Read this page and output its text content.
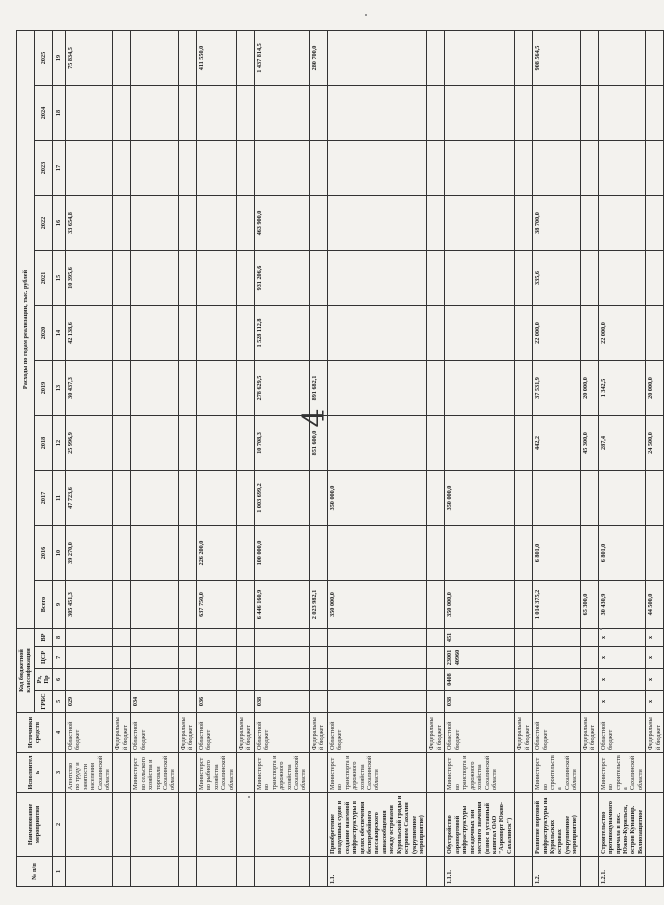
4
№ п/п	Наименование мероприятия	Исполнитель	Источники средств	Код бюджетной классификации				Расходы по годам реализации, тыс. рублей										
				ГРБС	Рз, Пр	ЦСР	ВР	Всего	2016	2017	2018	2019	2020	2021	2022	2023	2024	2025
1	2	3	4	5	6	7	8	9	10	11	12	13	14	15	16	17	18	19
		Агентство по труду и занятости населения Сахалинской области	Областной бюджет	029				305 451,3	39 270,0	47 723,6	25 996,9	30 437,3	42 138,6	10 395,6	33 654,8			75 834,5
			Федеральный бюджет															
		Министерство сельского хозяйства и торговли Сахалинской области	Областной бюджет	034														
			Федеральный бюджет															
		Министерство рыбного хозяйства Сахалинской области	Областной бюджет	036				637 750,0	226 200,0									411 550,0
			Федеральный бюджет															
		Министерство транспорта и дорожного хозяйства Сахалинской области	Областной бюджет	038				6 446 160,9	100 000,0	1 003 699,2	10 708,3	278 629,5	1 528 112,8	931 206,6	463 900,0			1 437 814,5
			Федеральный бюджет					2 023 982,1			851 600,0	891 682,1						280 700,0
1.1.	Приобретение воздушных судов и создание наземной инфраструктуры в целях обеспечения бесперебойного пассажирского авиасообщения между островами Курильской гряды и островом Сахалин (укрупненное мероприятие)	Министерство транспорта и дорожного хозяйства Сахалинской области	Областной бюджет					350 000,0		350 000,0								
			Федеральный бюджет															
1.1.1.	Обустройство аэропортовой инфраструктуры посадочных зон местного значения (взнос в уставный капитал ОАО "Аэропорт Южно-Сахалинск")	Министерство транспорта и дорожного хозяйства Сахалинской области	Областной бюджет	038	0408	2300140960	451	350 000,0		350 000,0								
			Федеральный бюджет															
1.2.	Развитие портовой инфраструктуры на Курильских островах (укрупненное мероприятие)	Министерство строительства Сахалинской области	Областной бюджет					1 014 375,2	6 801,0		442,2	37 531,9	22 000,0	335,6	38 700,0			908 564,5
			Федеральный бюджет					65 300,0			45 300,0	20 000,0						
1.2.1.	Строительство противоцунамного причала в пос. Южно-Курильск, остров Кунашир. Волнозащитное	Министерство строительства Сахалинской области	Областной бюджет	x	x	x	x	30 430,9	6 801,0		287,4	1 342,5	22 000,0					
			Федеральный бюджет	x	x	x	x	44 500,0			24 500,0	20 000,0						
